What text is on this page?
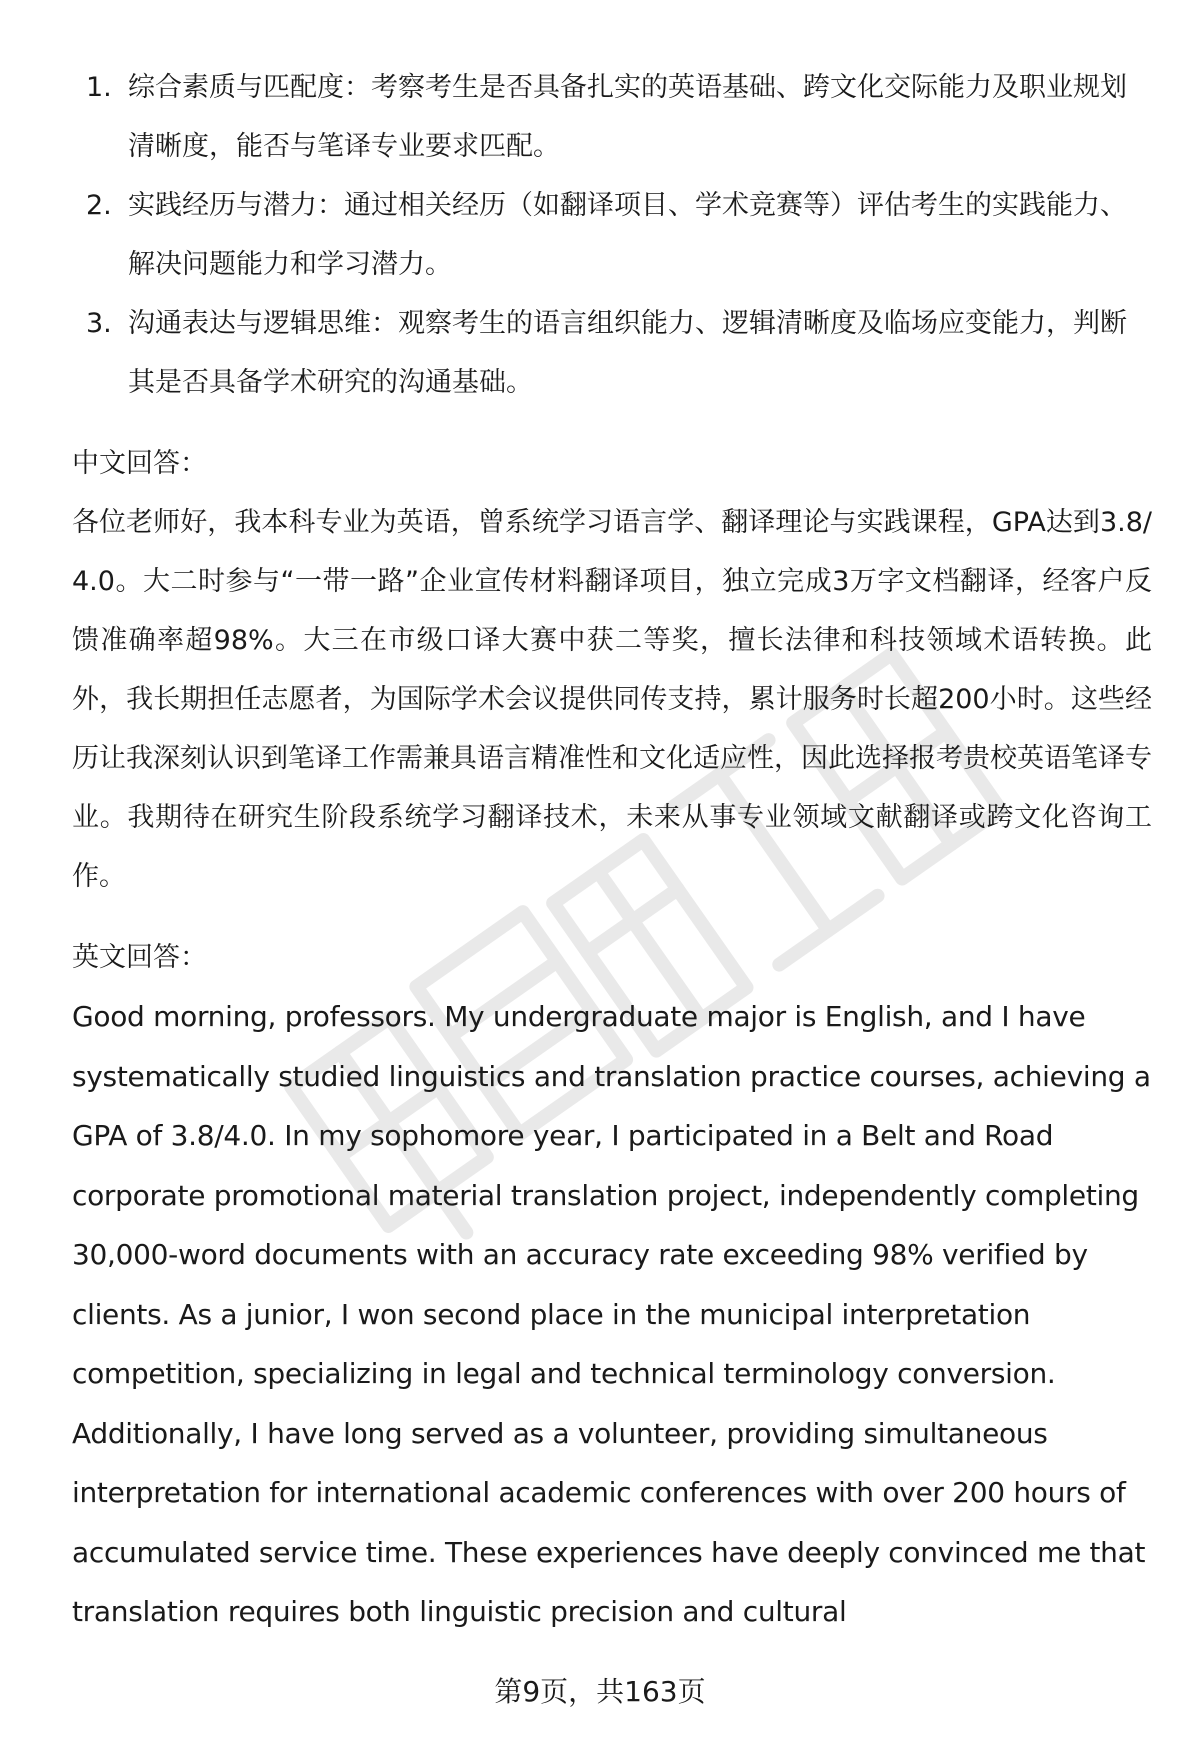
1. 综合素质与匹配度：考察考生是否具备扎实的英语基础、跨文化交际能力及职业规划清晰度，能否与笔译专业要求匹配。
2. 实践经历与潜力：通过相关经历（如翻译项目、学术竞赛等）评估考生的实践能力、解决问题能力和学习潜力。
3. 沟通表达与逻辑思维：观察考生的语言组织能力、逻辑清晰度及临场应变能力，判断其是否具备学术研究的沟通基础。
中文回答：

各位老师好，我本科专业为英语，曾系统学习语言学、翻译理论与实践课程，GPA达到3.8/4.0。大二时参与“一带一路”企业宣传材料翻译项目，独立完成3万字文档翻译，经客户反馈准确率超98%。大三在市级口译大赛中获二等奖，擅长法律和科技领域术语转换。此外，我长期担任志愿者，为国际学术会议提供同传支持，累计服务时长超200小时。这些经历让我深刻认识到笔译工作需兼具语言精准性和文化适应性，因此选择报考贵校英语笔译专业。我期待在研究生阶段系统学习翻译技术，未来从事专业领域文献翻译或跨文化咨询工作。

英文回答：

Good morning, professors. My undergraduate major is English, and I have systematically studied linguistics and translation practice courses, achieving a GPA of 3.8/4.0. In my sophomore year, I participated in a Belt and Road corporate promotional material translation project, independently completing 30,000-word documents with an accuracy rate exceeding 98% verified by clients. As a junior, I won second place in the municipal interpretation competition, specializing in legal and technical terminology conversion. Additionally, I have long served as a volunteer, providing simultaneous interpretation for international academic conferences with over 200 hours of accumulated service time. These experiences have deeply convinced me that translation requires both linguistic precision and cultural

第9页，共163页
